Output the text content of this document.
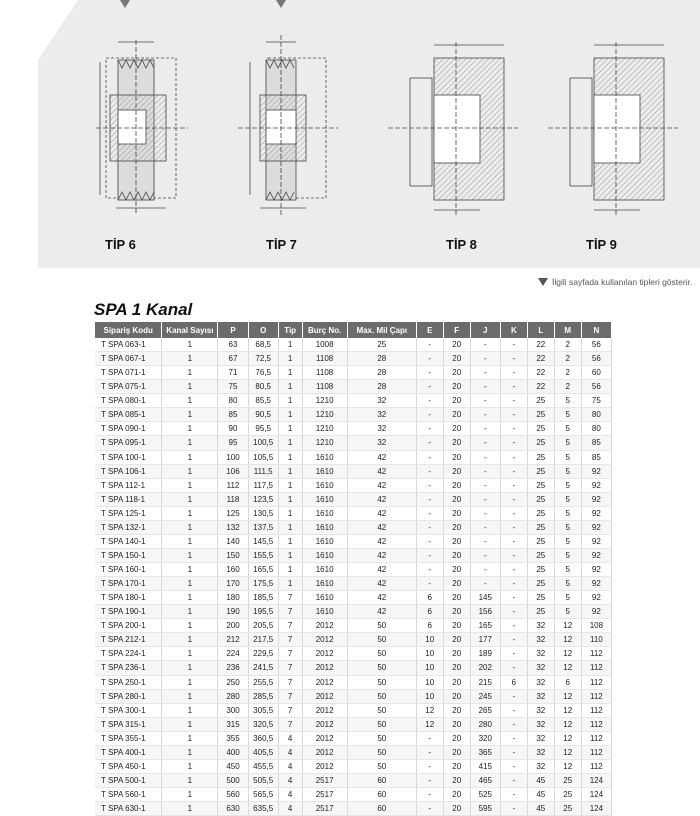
TİP 6	TİP 7	TİP 8	TİP 9
İlgili sayfada kullanılan tipleri gösterir.
SPA 1 Kanal
Sipariş Kodu	Kanal Sayısı	P	O	Tip	Burç No.	Max. Mil Çapı	E	F	J	K	L	M	N
T SPA 063-1	1	63	68,5	1	1008	25	-	20	-	-	22	2	56
T SPA 067-1	1	67	72,5	1	1108	28	-	20	-	-	22	2	56
T SPA 071-1	1	71	76,5	1	1108	28	-	20	-	-	22	2	60
T SPA 075-1	1	75	80,5	1	1108	28	-	20	-	-	22	2	56
T SPA 080-1	1	80	85,5	1	1210	32	-	20	-	-	25	5	75
T SPA 085-1	1	85	90,5	1	1210	32	-	20	-	-	25	5	80
T SPA 090-1	1	90	95,5	1	1210	32	-	20	-	-	25	5	80
T SPA 095-1	1	95	100,5	1	1210	32	-	20	-	-	25	5	85
T SPA 100-1	1	100	105,5	1	1610	42	-	20	-	-	25	5	85
T SPA 106-1	1	106	111,5	1	1610	42	-	20	-	-	25	5	92
T SPA 112-1	1	112	117,5	1	1610	42	-	20	-	-	25	5	92
T SPA 118-1	1	118	123,5	1	1610	42	-	20	-	-	25	5	92
T SPA 125-1	1	125	130,5	1	1610	42	-	20	-	-	25	5	92
T SPA 132-1	1	132	137,5	1	1610	42	-	20	-	-	25	5	92
T SPA 140-1	1	140	145,5	1	1610	42	-	20	-	-	25	5	92
T SPA 150-1	1	150	155,5	1	1610	42	-	20	-	-	25	5	92
T SPA 160-1	1	160	165,5	1	1610	42	-	20	-	-	25	5	92
T SPA 170-1	1	170	175,5	1	1610	42	-	20	-	-	25	5	92
T SPA 180-1	1	180	185,5	7	1610	42	6	20	145	-	25	5	92
T SPA 190-1	1	190	195,5	7	1610	42	6	20	156	-	25	5	92
T SPA 200-1	1	200	205,5	7	2012	50	6	20	165	-	32	12	108
T SPA 212-1	1	212	217,5	7	2012	50	10	20	177	-	32	12	110
T SPA 224-1	1	224	229,5	7	2012	50	10	20	189	-	32	12	112
T SPA 236-1	1	236	241,5	7	2012	50	10	20	202	-	32	12	112
T SPA 250-1	1	250	255,5	7	2012	50	10	20	215	6	32	6	112
T SPA 280-1	1	280	285,5	7	2012	50	10	20	245	-	32	12	112
T SPA 300-1	1	300	305,5	7	2012	50	12	20	265	-	32	12	112
T SPA 315-1	1	315	320,5	7	2012	50	12	20	280	-	32	12	112
T SPA 355-1	1	355	360,5	4	2012	50	-	20	320	-	32	12	112
T SPA 400-1	1	400	405,5	4	2012	50	-	20	365	-	32	12	112
T SPA 450-1	1	450	455,5	4	2012	50	-	20	415	-	32	12	112
T SPA 500-1	1	500	505,5	4	2517	60	-	20	465	-	45	25	124
T SPA 560-1	1	560	565,5	4	2517	60	-	20	525	-	45	25	124
T SPA 630-1	1	630	635,5	4	2517	60	-	20	595	-	45	25	124
